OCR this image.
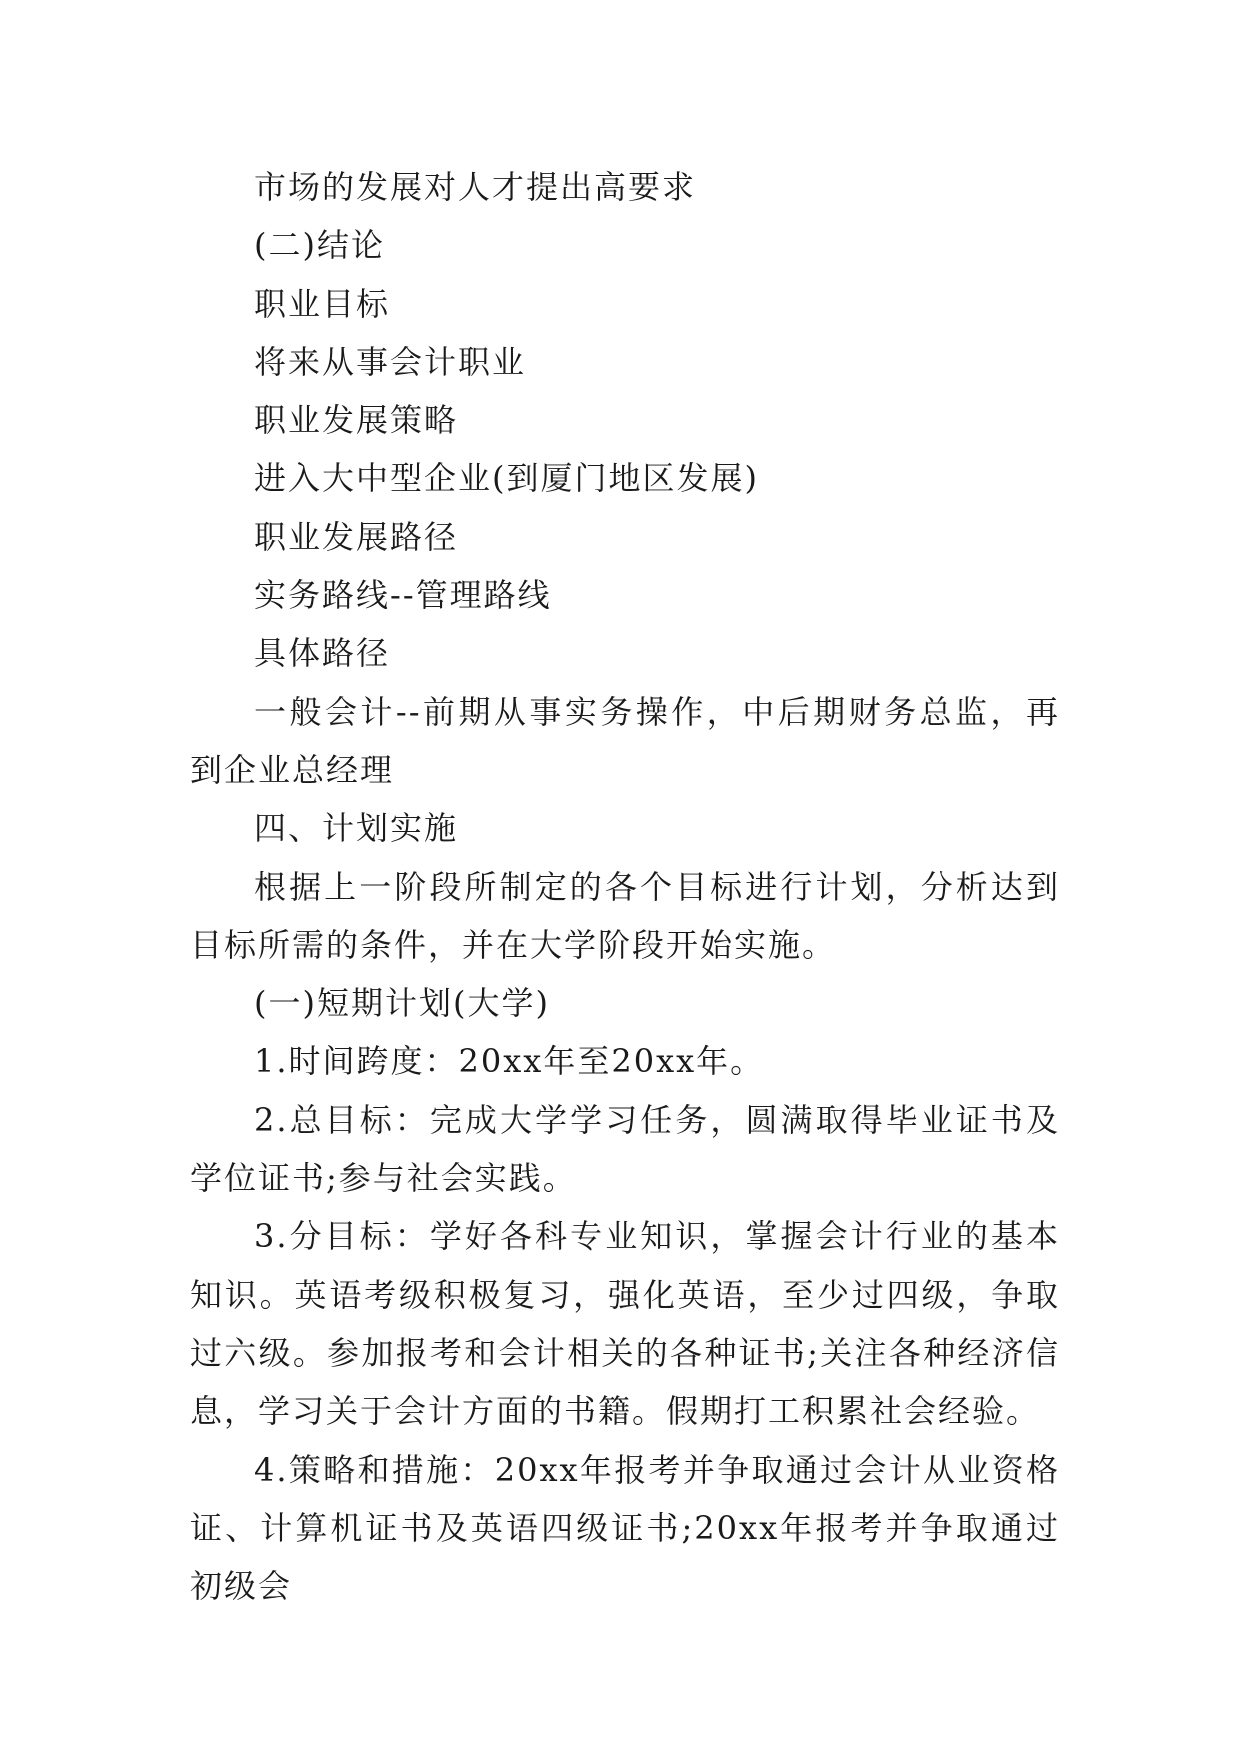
市场的发展对人才提出高要求

(二)结论

职业目标

将来从事会计职业

职业发展策略

进入大中型企业(到厦门地区发展)

职业发展路径

实务路线--管理路线

具体路径

一般会计--前期从事实务操作，中后期财务总监，再到企业总经理

四、计划实施

根据上一阶段所制定的各个目标进行计划，分析达到目标所需的条件，并在大学阶段开始实施。

(一)短期计划(大学)

1.时间跨度：20xx年至20xx年。

2.总目标：完成大学学习任务，圆满取得毕业证书及学位证书;参与社会实践。

3.分目标：学好各科专业知识，掌握会计行业的基本知识。英语考级积极复习，强化英语，至少过四级，争取过六级。参加报考和会计相关的各种证书;关注各种经济信息，学习关于会计方面的书籍。假期打工积累社会经验。

4.策略和措施：20xx年报考并争取通过会计从业资格证、计算机证书及英语四级证书;20xx年报考并争取通过初级会
